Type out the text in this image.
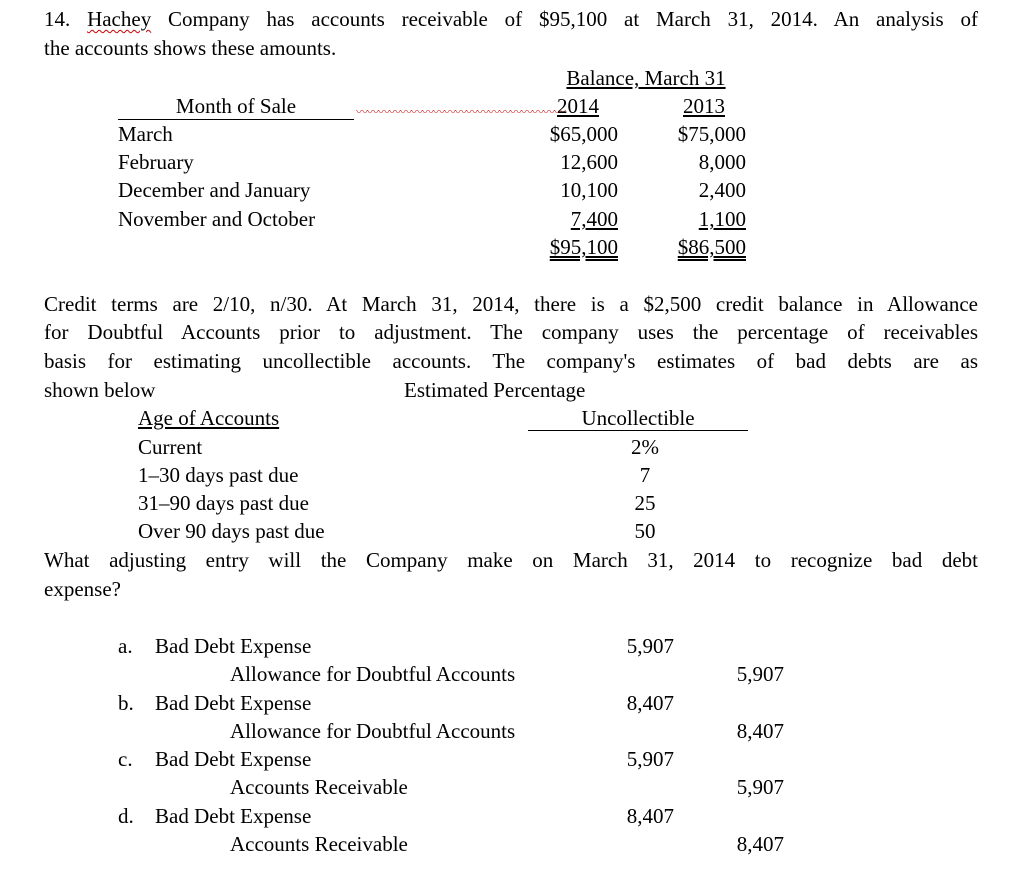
14. Hachey Company has accounts receivable of $95,100 at March 31, 2014. An analysis of
the accounts shows these amounts.
Balance, March 31
Month of Sale	〰〰〰〰〰〰〰〰〰〰〰〰〰〰〰〰〰〰〰
2014	2013
March	$65,000	$75,000
February	12,600	8,000
December and January	10,100	2,400
November and October	7,400	1,100
$95,100	$86,500
Credit terms are 2/10, n/30. At March 31, 2014, there is a $2,500 credit balance in Allowance
for Doubtful Accounts prior to adjustment. The company uses the percentage of receivables
basis for estimating uncollectible accounts. The company's estimates of bad debts are as
shown below	Estimated Percentage
Age of Accounts	Uncollectible
Current	2%
1–30 days past due	7
31–90 days past due	25
Over 90 days past due	50
What adjusting entry will the Company make on March 31, 2014 to recognize bad debt
expense?
a. Bad Debt Expense	5,907
Allowance for Doubtful Accounts	5,907
b. Bad Debt Expense	8,407
Allowance for Doubtful Accounts	8,407
c. Bad Debt Expense	5,907
Accounts Receivable	5,907
d. Bad Debt Expense	8,407
Accounts Receivable	8,407
